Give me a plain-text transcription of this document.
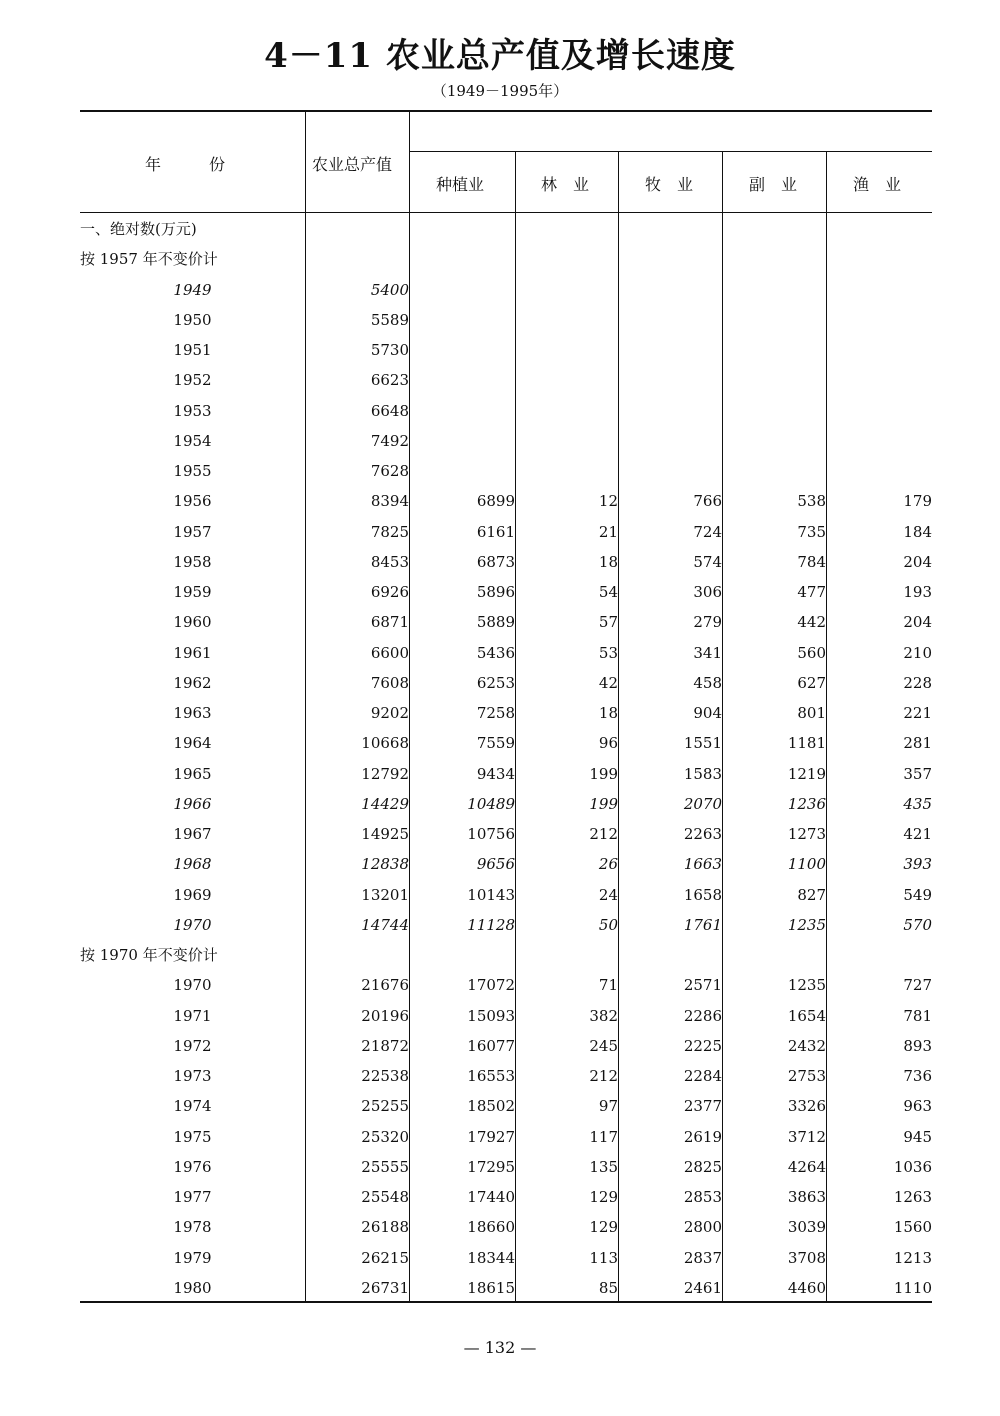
4－11 农业总产值及增长速度
（1949－1995年）
年　　　份	农业总产值
种植业	林　业	牧　业	副　业	渔　业
一、绝对数(万元)						
按 1957 年不变价计						
1949	5400					
1950	5589					
1951	5730					
1952	6623					
1953	6648					
1954	7492					
1955	7628					
1956	8394	6899	12	766	538	179
1957	7825	6161	21	724	735	184
1958	8453	6873	18	574	784	204
1959	6926	5896	54	306	477	193
1960	6871	5889	57	279	442	204
1961	6600	5436	53	341	560	210
1962	7608	6253	42	458	627	228
1963	9202	7258	18	904	801	221
1964	10668	7559	96	1551	1181	281
1965	12792	9434	199	1583	1219	357
1966	14429	10489	199	2070	1236	435
1967	14925	10756	212	2263	1273	421
1968	12838	9656	26	1663	1100	393
1969	13201	10143	24	1658	827	549
1970	14744	11128	50	1761	1235	570
按 1970 年不变价计						
1970	21676	17072	71	2571	1235	727
1971	20196	15093	382	2286	1654	781
1972	21872	16077	245	2225	2432	893
1973	22538	16553	212	2284	2753	736
1974	25255	18502	97	2377	3326	963
1975	25320	17927	117	2619	3712	945
1976	25555	17295	135	2825	4264	1036
1977	25548	17440	129	2853	3863	1263
1978	26188	18660	129	2800	3039	1560
1979	26215	18344	113	2837	3708	1213
1980	26731	18615	85	2461	4460	1110
— 132 —
